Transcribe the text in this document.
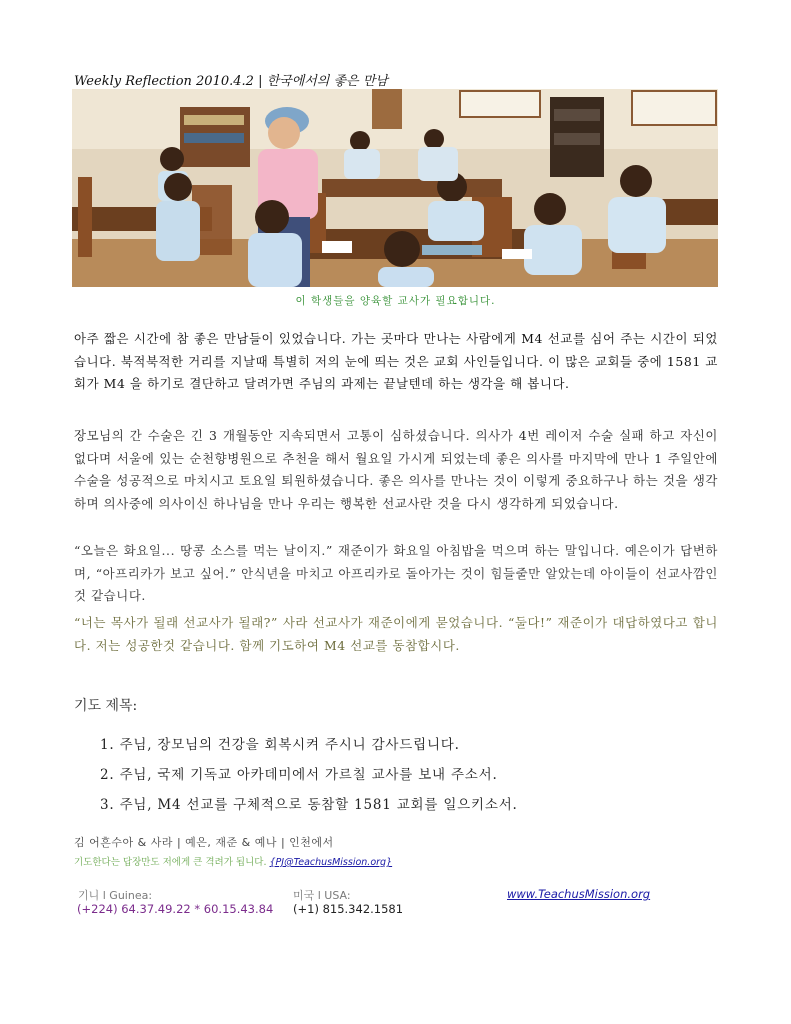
Weekly Reflection 2010.4.2 | 한국에서의 좋은 만남
이 학생들을 양육할 교사가 필요합니다.
아주 짧은 시간에 참 좋은 만남들이 있었습니다. 가는 곳마다 만나는 사람에게 M4 선교를 심어 주는 시간이 되었습니다. 북적북적한 거리를 지날때 특별히 저의 눈에 띄는 것은 교회 사인들입니다. 이 많은 교회들 중에 1581 교회가 M4 을 하기로 결단하고 달려가면 주님의 과제는 끝날텐데 하는 생각을 해 봅니다.
장모님의 간 수술은 긴 3 개월동안 지속되면서 고통이 심하셨습니다. 의사가 4번 레이저 수술 실패 하고 자신이 없다며 서울에 있는 순천향병원으로 추천을 해서 월요일 가시게 되었는데 좋은 의사를 마지막에 만나 1 주일안에 수술을 성공적으로 마치시고 토요일 퇴원하셨습니다. 좋은 의사를 만나는 것이 이렇게 중요하구나 하는 것을 생각하며 의사중에 의사이신 하나님을 만나 우리는 행복한 선교사란 것을 다시 생각하게 되었습니다.
“오늘은 화요일... 땅콩 소스를 먹는 날이지.” 재준이가 화요일 아침밥을 먹으며 하는 말입니다. 예은이가 답변하며, “아프리카가 보고 싶어.” 안식년을 마치고 아프리카로 돌아가는 것이 힘들줄만 알았는데 아이들이 선교사깜인것 같습니다.
“너는 목사가 될래 선교사가 될래?” 사라 선교사가 재준이에게 묻었습니다. “둘다!” 재준이가 대답하였다고 합니다. 저는 성공한것 같습니다. 함께 기도하여 M4 선교를 동참합시다.
기도 제목:
1. 주님, 장모님의 건강을 회복시켜 주시니 감사드립니다.
2. 주님, 국제 기독교 아카데미에서 가르칠 교사를 보내 주소서.
3. 주님, M4 선교를 구체적으로 동참할 1581 교회를 일으키소서.
김 어흔수아 & 사라 | 예은, 재준 & 예나 | 인천에서
기도한다는 답장만도 저에게 큰 격려가 됩니다. {PJ@TeachusMission.org}
기니 l Guinea:
(+224) 64.37.49.22 * 60.15.43.84
미국 l USA:
(+1) 815.342.1581
www.TeachusMission.org
